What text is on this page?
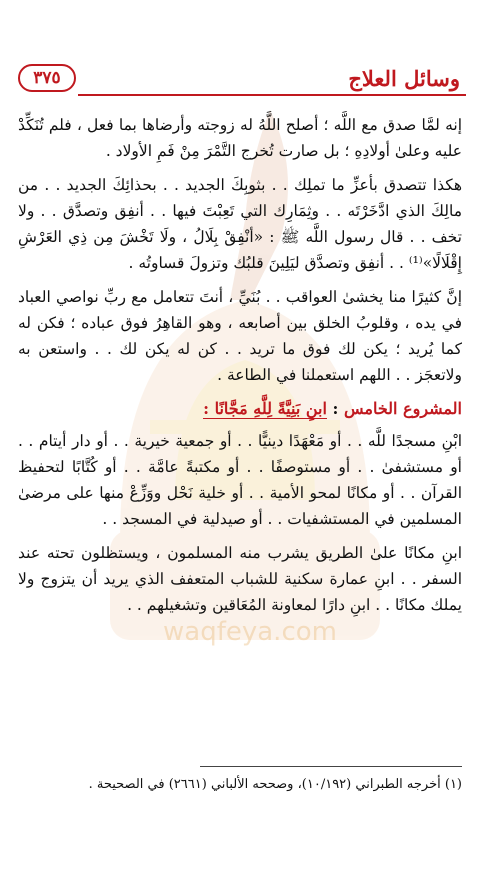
waqfeya.com
وسائل العلاج
٣٧٥

إنه لمَّا صدق مع اللَّه ؛ أصلح اللَّهُ له زوجته وأرضاها بما فعل ، فلم تُنَكِّدْ عليه وعلىٰ أولادِهِ ؛ بل صارت تُخرج التَّمْرَ مِنْ فَمِ الأولاد .

هكذا تتصدق بأعزِّ ما تملِك . . بثوبِكَ الجديد . . بحذائِكَ الجديد . . من مالِكَ الذي ادَّخَرْتَه . . وثِمَارِك التي تَعِبْتَ فيها . . أنفِق وتصدَّق . . ولا تخف . . قال رسول اللَّه ﷺ : «أنْفِقْ بِلَالُ ، ولَا تَخْشَ مِن ذِي العَرْشِ إِقْلَالًا»⁽¹⁾ . . أنفِق وتصدَّق ليَلِينَ قلبُك وتزولَ قساوتُه .

إنَّ كثيرًا منا يخشىٰ العواقب . . بُنَيِّ ، أنتَ تتعامل مع ربِّ نواصي العباد في يده ، وقلوبُ الخلق بين أصابعه ، وهو القاهِرُ فوق عباده ؛ فكن له كما يُريد ؛ يكن لك فوق ما تريد . . كن له يكن لك . . واستعن به ولاتعجَز . . اللهم استعملنا في الطاعة .

المشروع الخامس : ابنِ بَنِيَّةً لِلَّهِ مَجَّانًا :

ابْنِ مسجدًا للَّه . . أو مَعْهَدًا دينيًّا . . أو جمعية خيرية . . أو دار أيتام . . أو مستشفىٰ . . أو مستوصفًا . . أو مكتبةً عامَّة . . أو كُتَّابًا لتحفيظ القرآن . . أو مكانًا لمحو الأمية . . أو خلية نَحْل ووَزِّعْ منها على مرضىٰ المسلمين في المستشفيات . . أو صيدلية في المسجد . .

ابنِ مكانًا علىٰ الطريق يشرب منه المسلمون ، ويستظلون تحته عند السفر . . ابنِ عمارة سكنية للشباب المتعفف الذي يريد أن يتزوج ولا يملك مكانًا . . ابنِ دارًا لمعاونة المُعَاقين وتشغيلهم . .

(١) أخرجه الطبراني (١٠/١٩٢)، وصححه الألباني (٢٦٦١) في الصحيحة .
